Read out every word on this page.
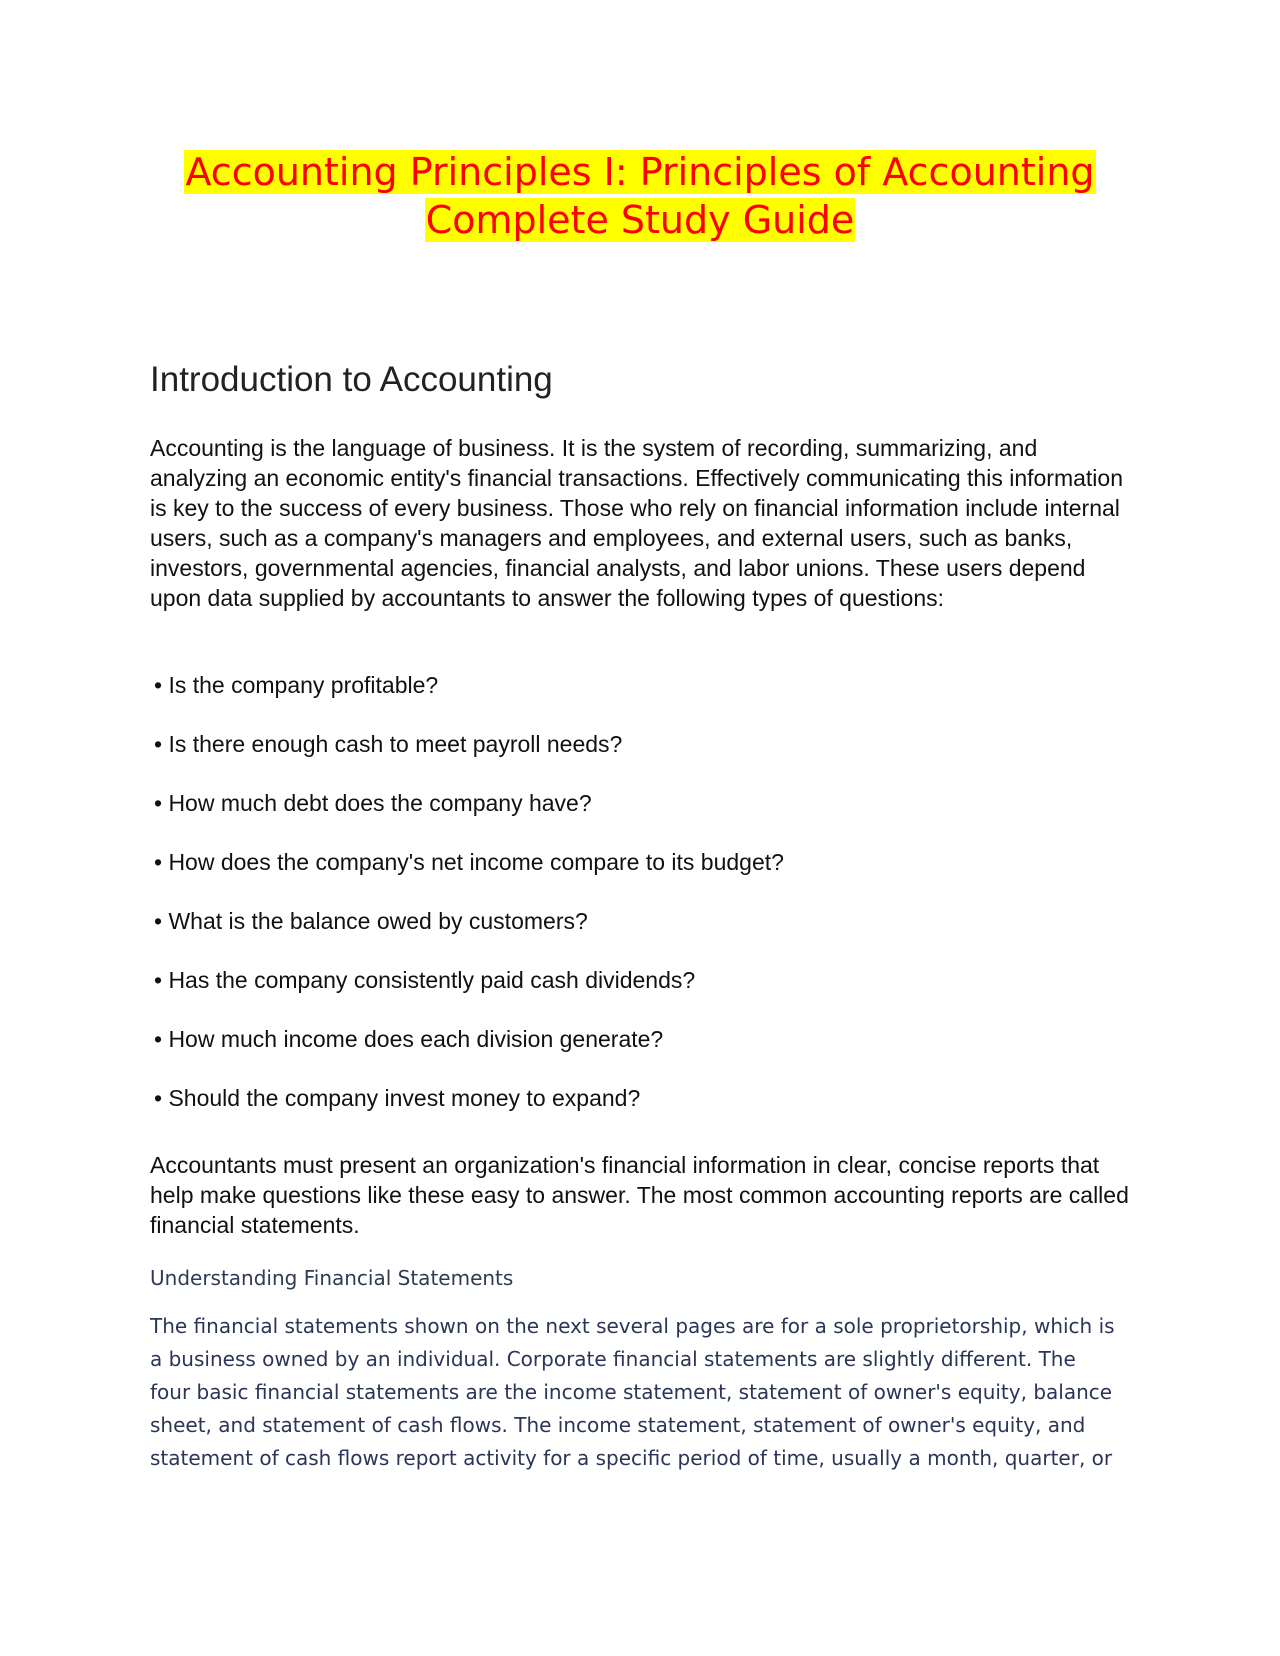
Accounting Principles I: Principles of Accounting
Complete Study Guide
Introduction to Accounting

Accounting is the language of business. It is the system of recording, summarizing, and analyzing an economic entity's financial transactions. Effectively communicating this information is key to the success of every business. Those who rely on financial information include internal users, such as a company's managers and employees, and external users, such as banks, investors, governmental agencies, financial analysts, and labor unions. These users depend upon data supplied by accountants to answer the following types of questions:

• Is the company profitable?
• Is there enough cash to meet payroll needs?
• How much debt does the company have?
• How does the company's net income compare to its budget?
• What is the balance owed by customers?
• Has the company consistently paid cash dividends?
• How much income does each division generate?
• Should the company invest money to expand?

Accountants must present an organization's financial information in clear, concise reports that help make questions like these easy to answer. The most common accounting reports are called financial statements.

Understanding Financial Statements

The financial statements shown on the next several pages are for a sole proprietorship, which is a business owned by an individual. Corporate financial statements are slightly different. The four basic financial statements are the income statement, statement of owner's equity, balance sheet, and statement of cash flows. The income statement, statement of owner's equity, and statement of cash flows report activity for a specific period of time, usually a month, quarter, or
